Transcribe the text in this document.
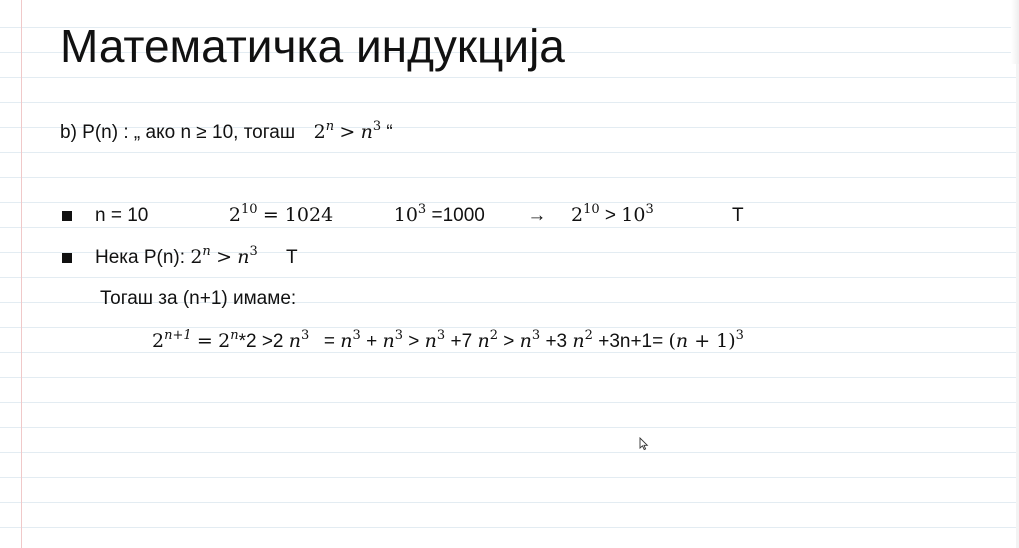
Математичка индукција
b) P(n) : „ ако n ≥ 10, тогаш $2^n > n^3$ “
n = 10	$2^{10} = 1024$	$10^3 =1000 \to 2^{10} > 10^3$	T
Нека P(n): $2^n > n^3$ T
Тогаш за (n+1) имаме:
$2^{n+1} = 2^n*2 >2$ $n^3 = n^3 + n^3 > n^3 +7$ $n^2 > n^3 +3$ $n^2 +3n+1= (n + 1)^3$
